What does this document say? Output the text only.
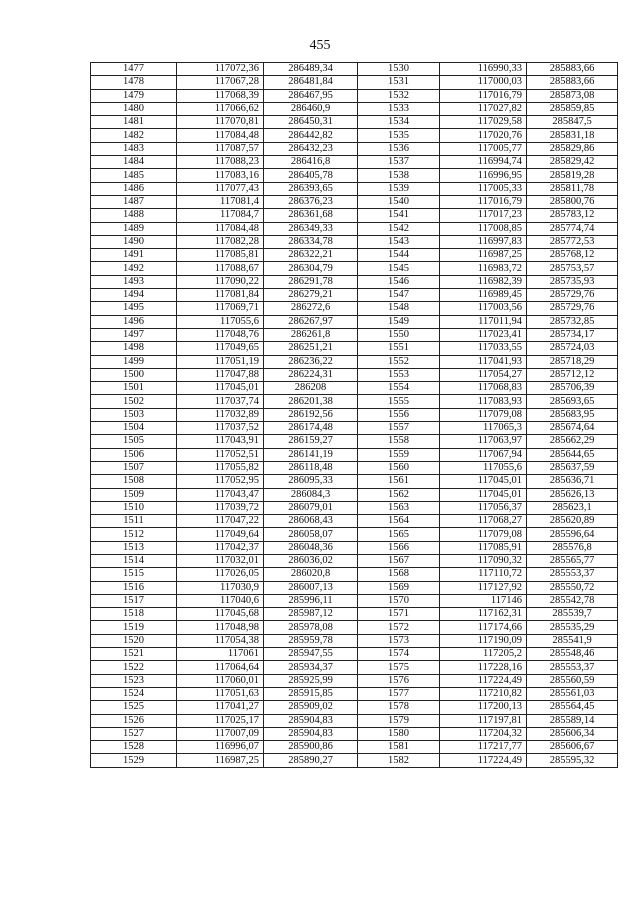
455
1477	117072,36	286489,34	1530	116990,33	285883,66
1478	117067,28	286481,84	1531	117000,03	285883,66
1479	117068,39	286467,95	1532	117016,79	285873,08
1480	117066,62	286460,9	1533	117027,82	285859,85
1481	117070,81	286450,31	1534	117029,58	285847,5
1482	117084,48	286442,82	1535	117020,76	285831,18
1483	117087,57	286432,23	1536	117005,77	285829,86
1484	117088,23	286416,8	1537	116994,74	285829,42
1485	117083,16	286405,78	1538	116996,95	285819,28
1486	117077,43	286393,65	1539	117005,33	285811,78
1487	117081,4	286376,23	1540	117016,79	285800,76
1488	117084,7	286361,68	1541	117017,23	285783,12
1489	117084,48	286349,33	1542	117008,85	285774,74
1490	117082,28	286334,78	1543	116997,83	285772,53
1491	117085,81	286322,21	1544	116987,25	285768,12
1492	117088,67	286304,79	1545	116983,72	285753,57
1493	117090,22	286291,78	1546	116982,39	285735,93
1494	117081,84	286279,21	1547	116989,45	285729,76
1495	117069,71	286272,6	1548	117003,56	285729,76
1496	117055,6	286267,97	1549	117011,94	285732,85
1497	117048,76	286261,8	1550	117023,41	285734,17
1498	117049,65	286251,21	1551	117033,55	285724,03
1499	117051,19	286236,22	1552	117041,93	285718,29
1500	117047,88	286224,31	1553	117054,27	285712,12
1501	117045,01	286208	1554	117068,83	285706,39
1502	117037,74	286201,38	1555	117083,93	285693,65
1503	117032,89	286192,56	1556	117079,08	285683,95
1504	117037,52	286174,48	1557	117065,3	285674,64
1505	117043,91	286159,27	1558	117063,97	285662,29
1506	117052,51	286141,19	1559	117067,94	285644,65
1507	117055,82	286118,48	1560	117055,6	285637,59
1508	117052,95	286095,33	1561	117045,01	285636,71
1509	117043,47	286084,3	1562	117045,01	285626,13
1510	117039,72	286079,01	1563	117056,37	285623,1
1511	117047,22	286068,43	1564	117068,27	285620,89
1512	117049,64	286058,07	1565	117079,08	285596,64
1513	117042,37	286048,36	1566	117085,91	285576,8
1514	117032,01	286036,02	1567	117090,32	285565,77
1515	117026,05	286020,8	1568	117110,72	285553,37
1516	117030,9	286007,13	1569	117127,92	285550,72
1517	117040,6	285996,11	1570	117146	285542,78
1518	117045,68	285987,12	1571	117162,31	285539,7
1519	117048,98	285978,08	1572	117174,66	285535,29
1520	117054,38	285959,78	1573	117190,09	285541,9
1521	117061	285947,55	1574	117205,2	285548,46
1522	117064,64	285934,37	1575	117228,16	285553,37
1523	117060,01	285925,99	1576	117224,49	285560,59
1524	117051,63	285915,85	1577	117210,82	285561,03
1525	117041,27	285909,02	1578	117200,13	285564,45
1526	117025,17	285904,83	1579	117197,81	285589,14
1527	117007,09	285904,83	1580	117204,32	285606,34
1528	116996,07	285900,86	1581	117217,77	285606,67
1529	116987,25	285890,27	1582	117224,49	285595,32
